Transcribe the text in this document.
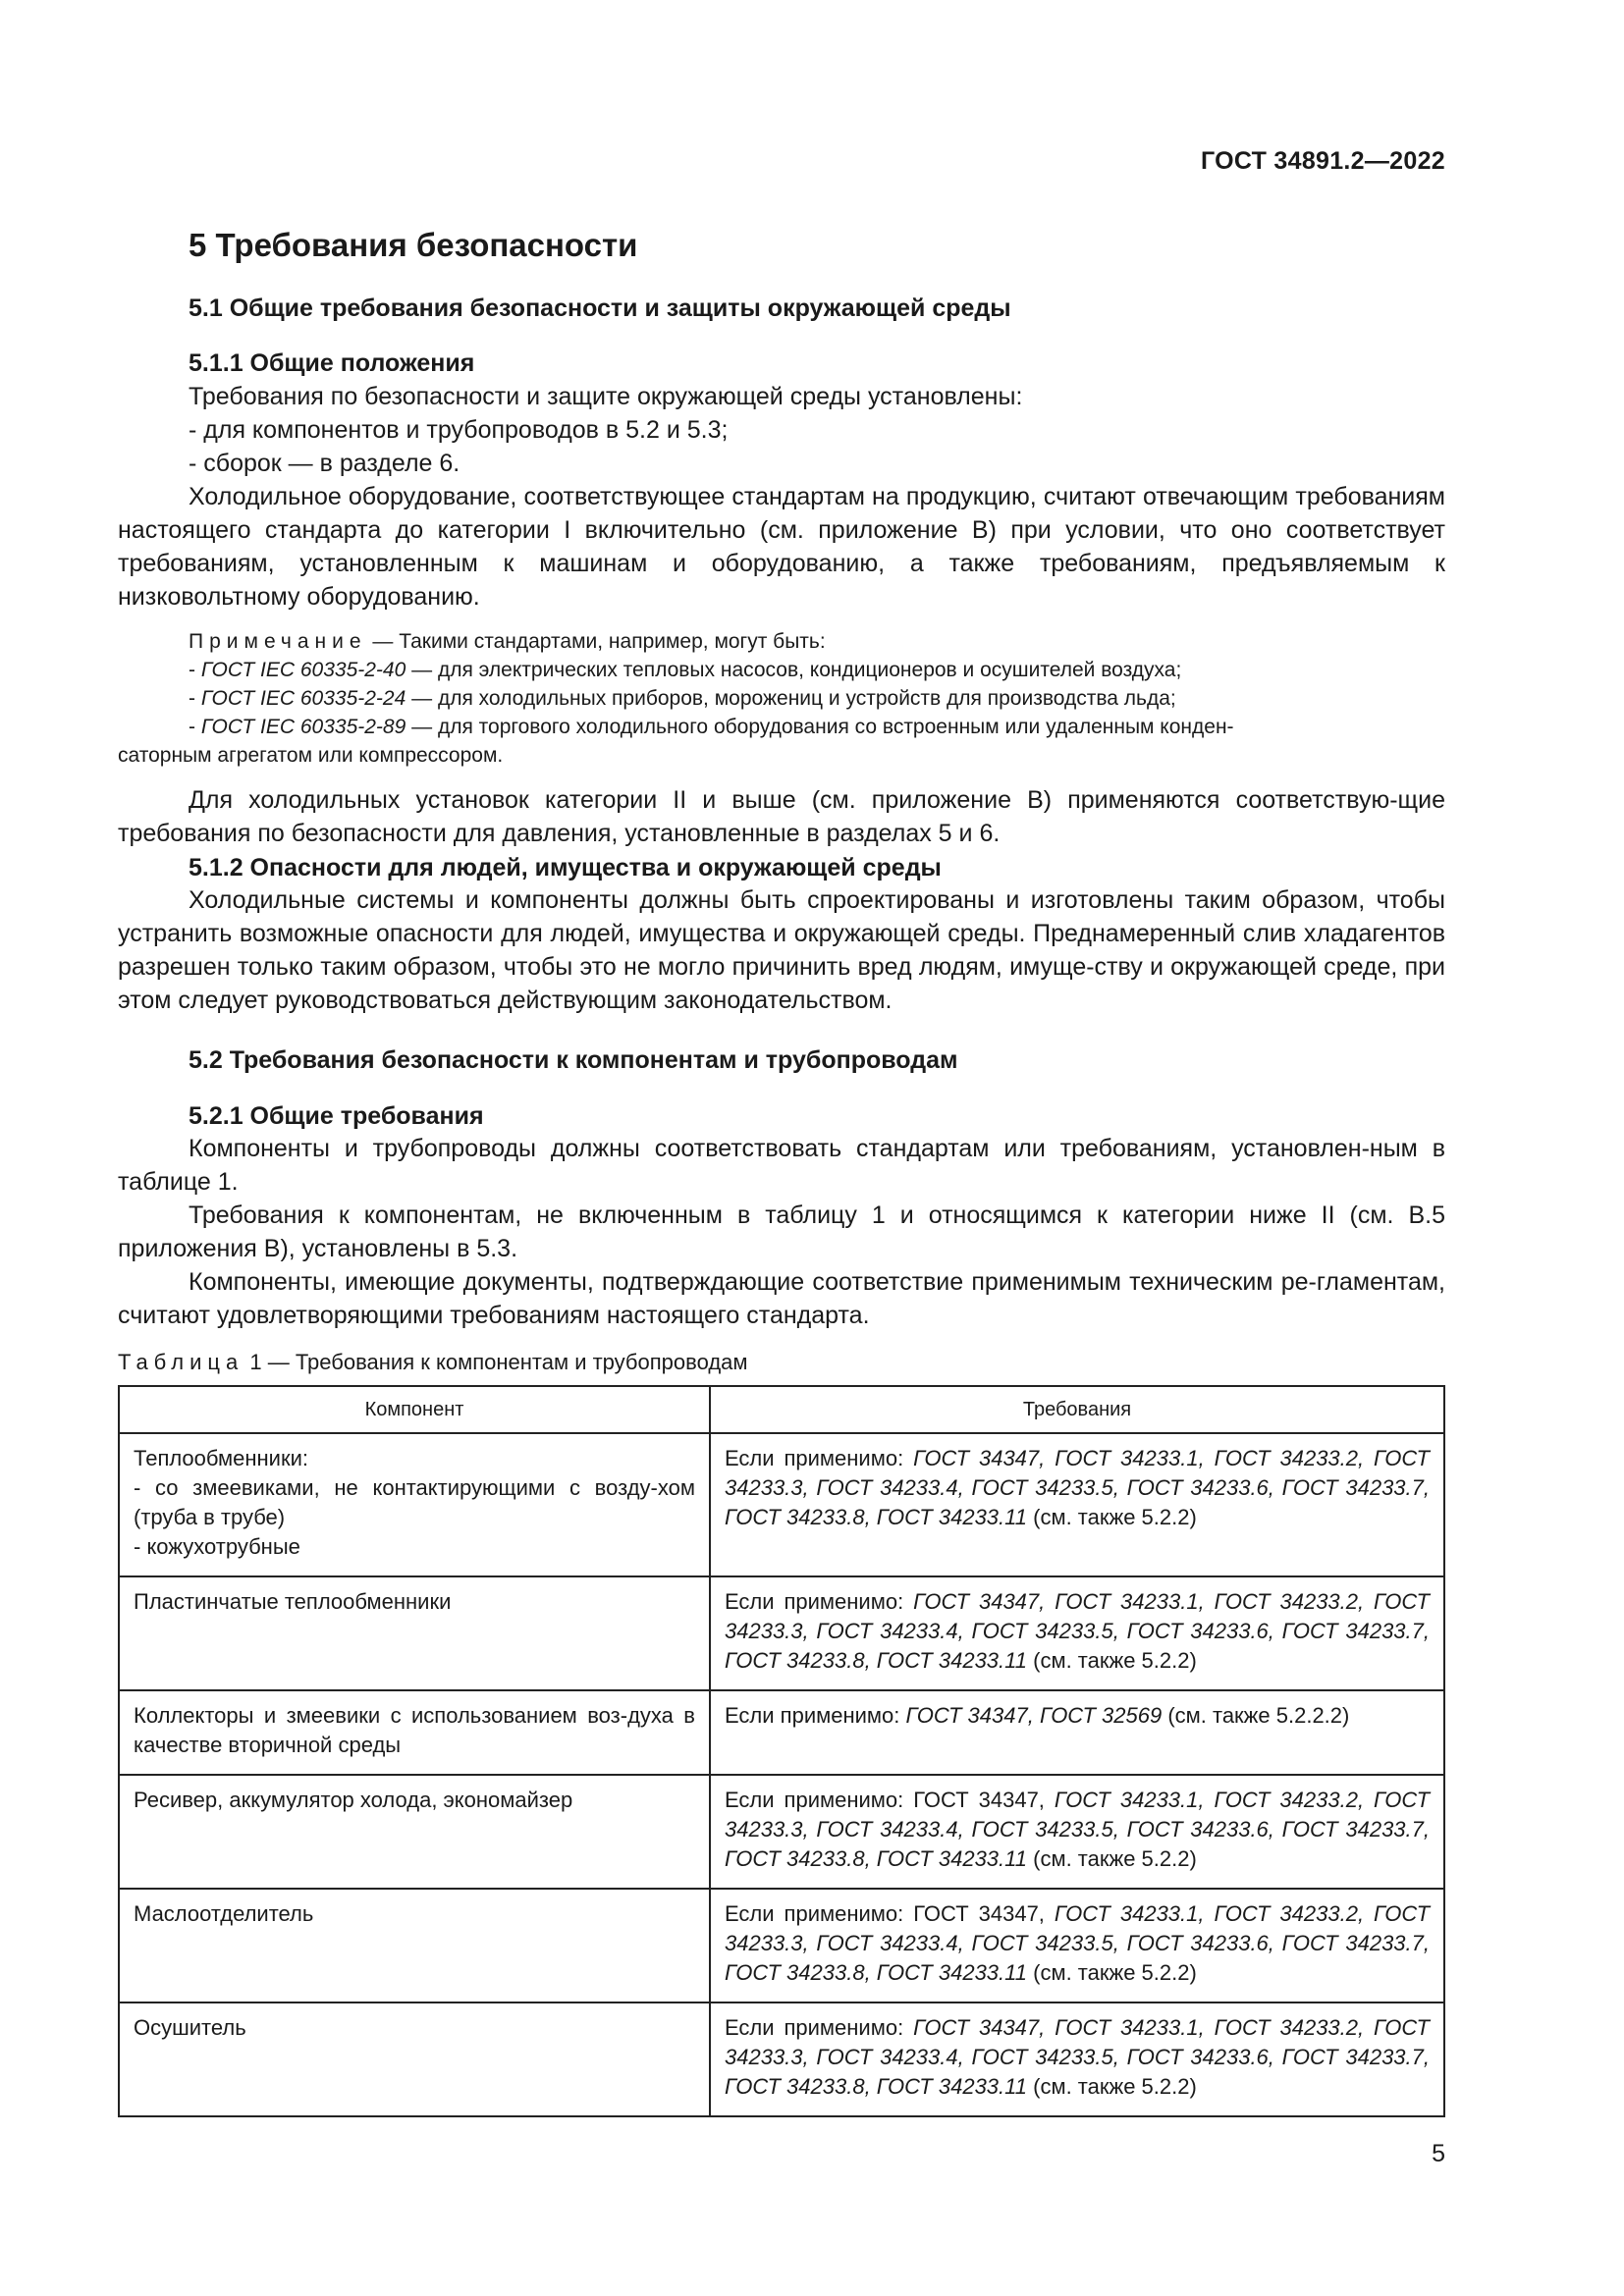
ГОСТ 34891.2—2022
5 Требования безопасности
5.1 Общие требования безопасности и защиты окружающей среды
5.1.1 Общие положения

Требования по безопасности и защите окружающей среды установлены:

- для компонентов и трубопроводов в 5.2 и 5.3;
- сборок — в разделе 6.

Холодильное оборудование, соответствующее стандартам на продукцию, считают отвечающим требованиям настоящего стандарта до категории I включительно (см. приложение В) при условии, что оно соответствует требованиям, установленным к машинам и оборудованию, а также требованиям, предъявляемым к низковольтному оборудованию.

Примечание — Такими стандартами, например, могут быть:

- ГОСТ IEC 60335-2-40 — для электрических тепловых насосов, кондиционеров и осушителей воздуха;
- ГОСТ IEC 60335-2-24 — для холодильных приборов, морожениц и устройств для производства льда;
- ГОСТ IEC 60335-2-89 — для торгового холодильного оборудования со встроенным или удаленным конден-
саторным агрегатом или компрессором.

Для холодильных установок категории II и выше (см. приложение В) применяются соответствую-щие требования по безопасности для давления, установленные в разделах 5 и 6.

5.1.2 Опасности для людей, имущества и окружающей среды

Холодильные системы и компоненты должны быть спроектированы и изготовлены таким образом, чтобы устранить возможные опасности для людей, имущества и окружающей среды. Преднамеренный слив хладагентов разрешен только таким образом, чтобы это не могло причинить вред людям, имуще-ству и окружающей среде, при этом следует руководствоваться действующим законодательством.

5.2 Требования безопасности к компонентам и трубопроводам
5.2.1 Общие требования

Компоненты и трубопроводы должны соответствовать стандартам или требованиям, установлен-ным в таблице 1.

Требования к компонентам, не включенным в таблицу 1 и относящимся к категории ниже II (см. В.5 приложения В), установлены в 5.3.

Компоненты, имеющие документы, подтверждающие соответствие применимым техническим ре-гламентам, считают удовлетворяющими требованиям настоящего стандарта.

Таблица 1 — Требования к компонентам и трубопроводам
Компонент	Требования

Теплообменники:
- со змеевиками, не контактирующими с возду-хом (труба в трубе)
- кожухотрубные	Если применимо: ГОСТ 34347, ГОСТ 34233.1, ГОСТ 34233.2, ГОСТ 34233.3, ГОСТ 34233.4, ГОСТ 34233.5, ГОСТ 34233.6, ГОСТ 34233.7, ГОСТ 34233.8, ГОСТ 34233.11 (см. также 5.2.2)

Пластинчатые теплообменники	Если применимо: ГОСТ 34347, ГОСТ 34233.1, ГОСТ 34233.2, ГОСТ 34233.3, ГОСТ 34233.4, ГОСТ 34233.5, ГОСТ 34233.6, ГОСТ 34233.7, ГОСТ 34233.8, ГОСТ 34233.11 (см. также 5.2.2)

Коллекторы и змеевики с использованием воз-духа в качестве вторичной среды	Если применимо: ГОСТ 34347, ГОСТ 32569 (см. также 5.2.2.2)

Ресивер, аккумулятор холода, экономайзер	Если применимо: ГОСТ 34347, ГОСТ 34233.1, ГОСТ 34233.2, ГОСТ 34233.3, ГОСТ 34233.4, ГОСТ 34233.5, ГОСТ 34233.6, ГОСТ 34233.7, ГОСТ 34233.8, ГОСТ 34233.11 (см. также 5.2.2)

Маслоотделитель	Если применимо: ГОСТ 34347, ГОСТ 34233.1, ГОСТ 34233.2, ГОСТ 34233.3, ГОСТ 34233.4, ГОСТ 34233.5, ГОСТ 34233.6, ГОСТ 34233.7, ГОСТ 34233.8, ГОСТ 34233.11 (см. также 5.2.2)

Осушитель	Если применимо: ГОСТ 34347, ГОСТ 34233.1, ГОСТ 34233.2, ГОСТ 34233.3, ГОСТ 34233.4, ГОСТ 34233.5, ГОСТ 34233.6, ГОСТ 34233.7, ГОСТ 34233.8, ГОСТ 34233.11 (см. также 5.2.2)
5
